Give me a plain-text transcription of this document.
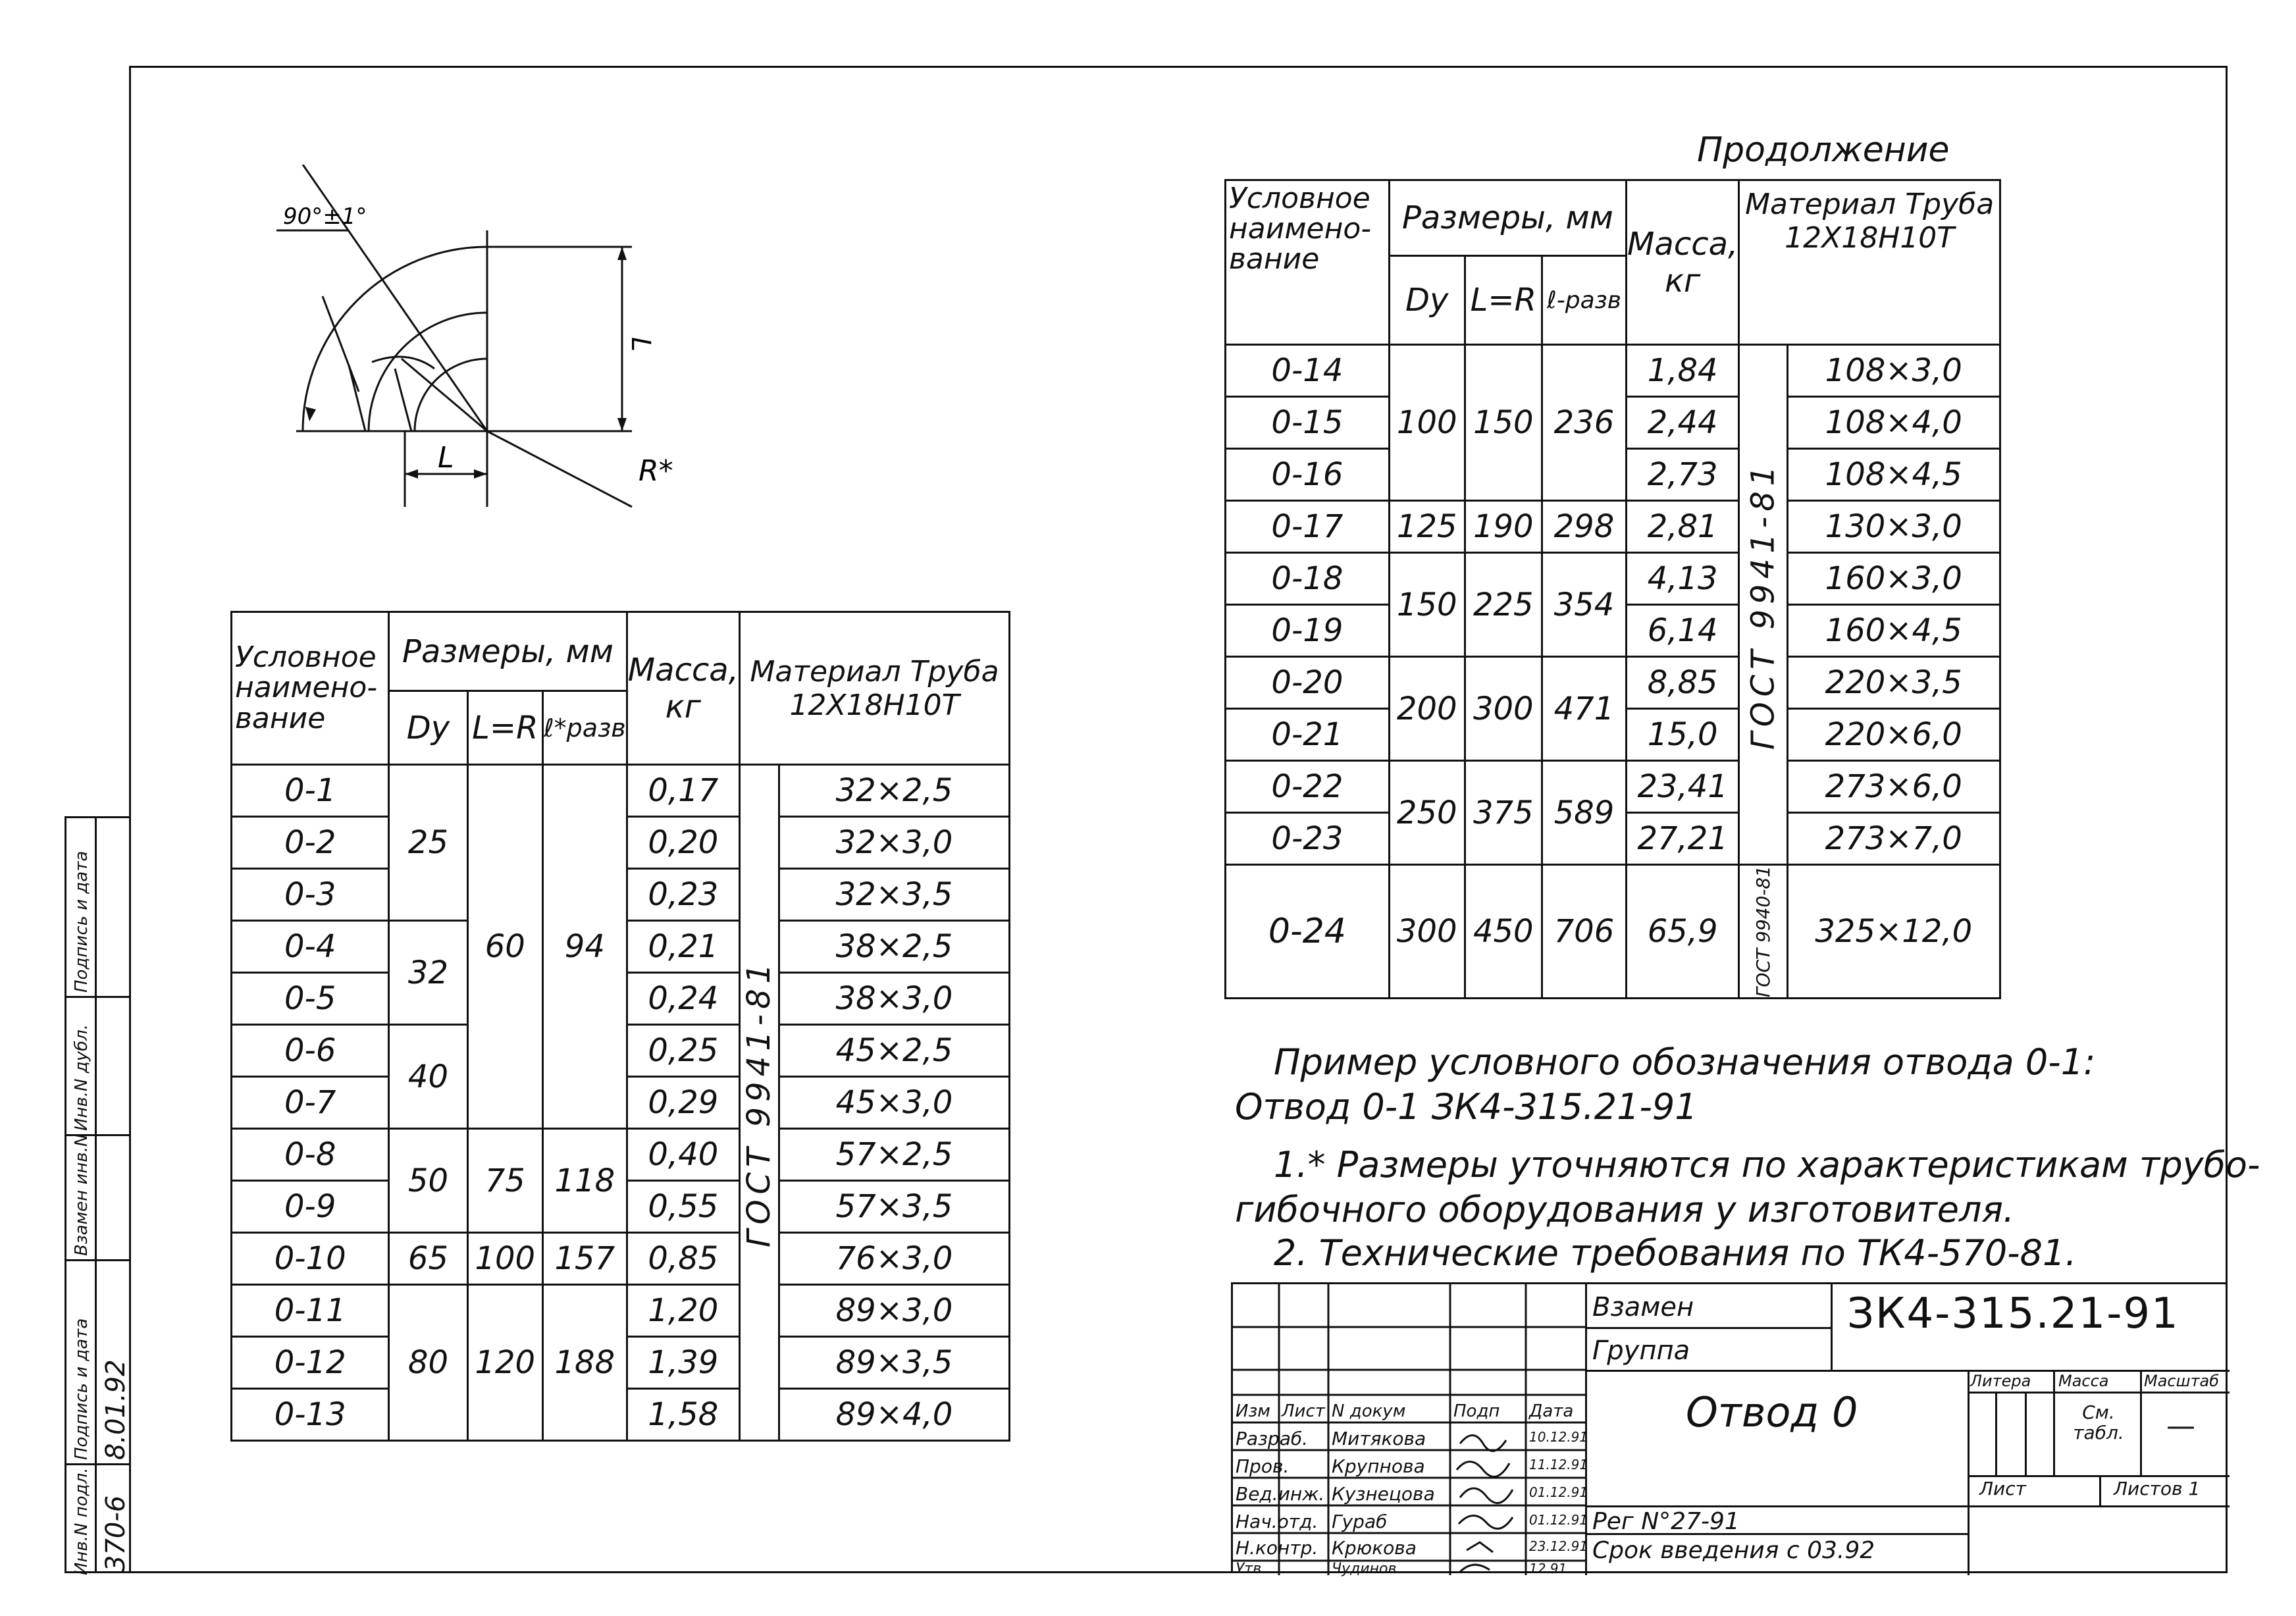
90°±1°
L
L	R*
Условное наимено- вание	Размеры, мм			Масса, кг	Материал Труба 12Х18Н10Т	
	Dу	L=R	ℓ*разв			
0-1	25	60	94	0,17	ГОСТ 9941-81	32×2,5
0-2				0,20		32×3,0
0-3				0,23		32×3,5
0-4	32			0,21		38×2,5
0-5				0,24		38×3,0
0-6	40			0,25		45×2,5
0-7				0,29		45×3,0
0-8	50	75	118	0,40		57×2,5
0-9				0,55		57×3,5
0-10	65	100	157	0,85		76×3,0
0-11	80	120	188	1,20		89×3,0
0-12				1,39		89×3,5
0-13				1,58		89×4,0
Продолжение
Условное наимено- вание	Размеры, мм			Масса, кг	Материал Труба 12Х18Н10Т	
	Dу	L=R	ℓ-разв			
0-14	100	150	236	1,84	ГОСТ 9941-81	108×3,0
0-15				2,44		108×4,0
0-16				2,73		108×4,5
0-17	125	190	298	2,81		130×3,0
0-18	150	225	354	4,13		160×3,0
0-19				6,14		160×4,5
0-20	200	300	471	8,85		220×3,5
0-21				15,0		220×6,0
0-22	250	375	589	23,41		273×6,0
0-23				27,21		273×7,0
0-24	300	450	706	65,9	ГОСТ 9940-81	325×12,0
Пример условного обозначения отвода 0-1:
Отвод 0-1 ЗК4-315.21-91
1.* Размеры уточняются по характеристикам трубо-
гибочного оборудования у изготовителя.
2. Технические требования по ТК4-570-81.
Изм Лист N докум	Подп Дата
Разраб. Митякова	10.12.91
Пров. Крупнова	11.12.91
Вед.инж. Кузнецова	01.12.91
Нач.отд. Гураб	01.12.91
Н.контр. Крюкова	23.12.91
Утв.	Чудинов	12.91
Взамен
Группа
ЗК4-315.21-91
Отвод 0
Литера Масса Масштаб
См. табл.	—
Лист	Листов 1
Рег N°27-91
Срок введения с 03.92
Инв.N подл.
Подпись и дата
Взамен инв.N
Инв.N дубл.
Подпись и дата
370-6
8.01.92
